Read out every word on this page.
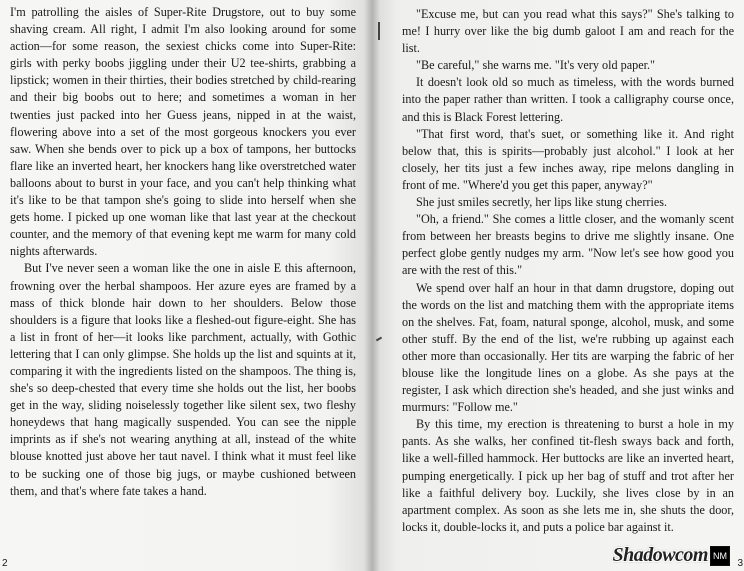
I'm patrolling the aisles of Super-Rite Drugstore, out to buy some shaving cream. All right, I admit I'm also looking around for some action—for some reason, the sexiest chicks come into Super-Rite: girls with perky boobs jiggling under their U2 tee-shirts, grabbing a lipstick; women in their thirties, their bodies stretched by child-rearing and their big boobs out to here; and sometimes a woman in her twenties just packed into her Guess jeans, nipped in at the waist, flowering above into a set of the most gorgeous knockers you ever saw. When she bends over to pick up a box of tampons, her buttocks flare like an inverted heart, her knockers hang like overstretched water balloons about to burst in your face, and you can't help thinking what it's like to be that tampon she's going to slide into herself when she gets home. I picked up one woman like that last year at the checkout counter, and the memory of that evening kept me warm for many cold nights afterwards.

But I've never seen a woman like the one in aisle E this afternoon, frowning over the herbal shampoos. Her azure eyes are framed by a mass of thick blonde hair down to her shoulders. Below those shoulders is a figure that looks like a fleshed-out figure-eight. She has a list in front of her—it looks like parchment, actually, with Gothic lettering that I can only glimpse. She holds up the list and squints at it, comparing it with the ingredients listed on the shampoos. The thing is, she's so deep-chested that every time she holds out the list, her boobs get in the way, sliding noiselessly together like silent sex, two fleshy honeydews that hang magically suspended. You can see the nipple imprints as if she's not wearing anything at all, instead of the white blouse knotted just above her taut navel. I think what it must feel like to be sucking one of those big jugs, or maybe cushioned between them, and that's where fate takes a hand.

2

"Excuse me, but can you read what this says?" She's talking to me! I hurry over like the big dumb galoot I am and reach for the list.

"Be careful," she warns me. "It's very old paper."

It doesn't look old so much as timeless, with the words burned into the paper rather than written. I took a calligraphy course once, and this is Black Forest lettering.

"That first word, that's suet, or something like it. And right below that, this is spirits—probably just alcohol." I look at her closely, her tits just a few inches away, ripe melons dangling in front of me. "Where'd you get this paper, anyway?"

She just smiles secretly, her lips like stung cherries.

"Oh, a friend." She comes a little closer, and the womanly scent from between her breasts begins to drive me slightly insane. One perfect globe gently nudges my arm. "Now let's see how good you are with the rest of this."

We spend over half an hour in that damn drugstore, doping out the words on the list and matching them with the appropriate items on the shelves. Fat, foam, natural sponge, alcohol, musk, and some other stuff. By the end of the list, we're rubbing up against each other more than occasionally. Her tits are warping the fabric of her blouse like the longitude lines on a globe. As she pays at the register, I ask which direction she's headed, and she just winks and murmurs: "Follow me."

By this time, my erection is threatening to burst a hole in my pants. As she walks, her confined tit-flesh sways back and forth, like a well-filled hammock. Her buttocks are like an inverted heart, pumping energetically. I pick up her bag of stuff and trot after her like a faithful delivery boy. Luckily, she lives close by in an apartment complex. As soon as she lets me in, she shuts the door, locks it, double-locks it, and puts a police bar against it.

3
Shadowcom NM
